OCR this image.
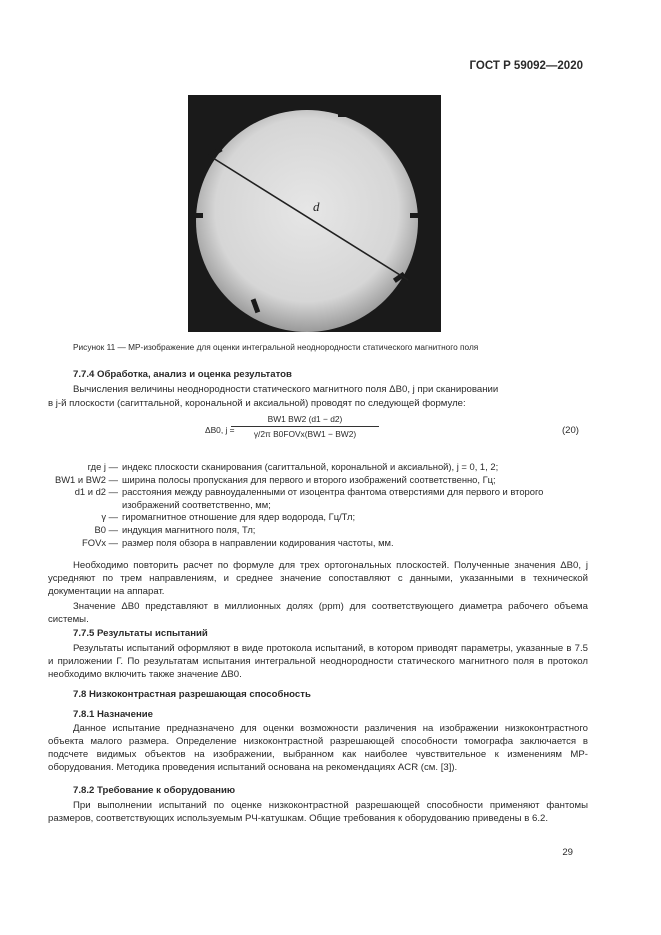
ГОСТ Р 59092—2020
d
Рисунок 11 — МР-изображение для оценки интегральной неоднородности статического магнитного поля
7.7.4 Обработка, анализ и оценка результатов
Вычисления величины неоднородности статического магнитного поля ΔB0, j при сканировании
в j-й плоскости (сагиттальной, корональной и аксиальной) проводят по следующей формуле:
ΔB0, j =
BW1 BW2 (d1 − d2)
γ/2π B0FOVx(BW1 − BW2)	(20)
где j — индекс плоскости сканирования (сагиттальной, корональной и аксиальной), j = 0, 1, 2;
BW1 и BW2 — ширина полосы пропускания для первого и второго изображений соответственно, Гц;
d1 и d2 — расстояния между равноудаленными от изоцентра фантома отверстиями для первого и второго изображений соответственно, мм;
γ — гиромагнитное отношение для ядер водорода, Гц/Тл;
B0 — индукция магнитного поля, Тл;
FOVx — размер поля обзора в направлении кодирования частоты, мм.
Необходимо повторить расчет по формуле для трех ортогональных плоскостей. Полученные значения ΔB0, j усредняют по трем направлениям, и среднее значение сопоставляют с данными, указанными в технической документации на аппарат.
Значение ΔB0 представляют в миллионных долях (ppm) для соответствующего диаметра рабочего объема системы.
7.7.5 Результаты испытаний
Результаты испытаний оформляют в виде протокола испытаний, в котором приводят параметры, указанные в 7.5 и приложении Г. По результатам испытания интегральной неоднородности статического магнитного поля в протокол необходимо включить также значение ΔB0.
7.8 Низкоконтрастная разрешающая способность
7.8.1 Назначение
Данное испытание предназначено для оценки возможности различения на изображении низкоконтрастного объекта малого размера. Определение низкоконтрастной разрешающей способности томографа заключается в подсчете видимых объектов на изображении, выбранном как наиболее чувствительное к изменениям МР-оборудования. Методика проведения испытаний основана на рекомендациях ACR (см. [3]).
7.8.2 Требование к оборудованию
При выполнении испытаний по оценке низкоконтрастной разрешающей способности применяют фантомы размеров, соответствующих используемым РЧ-катушкам. Общие требования к оборудованию приведены в 6.2.
29
